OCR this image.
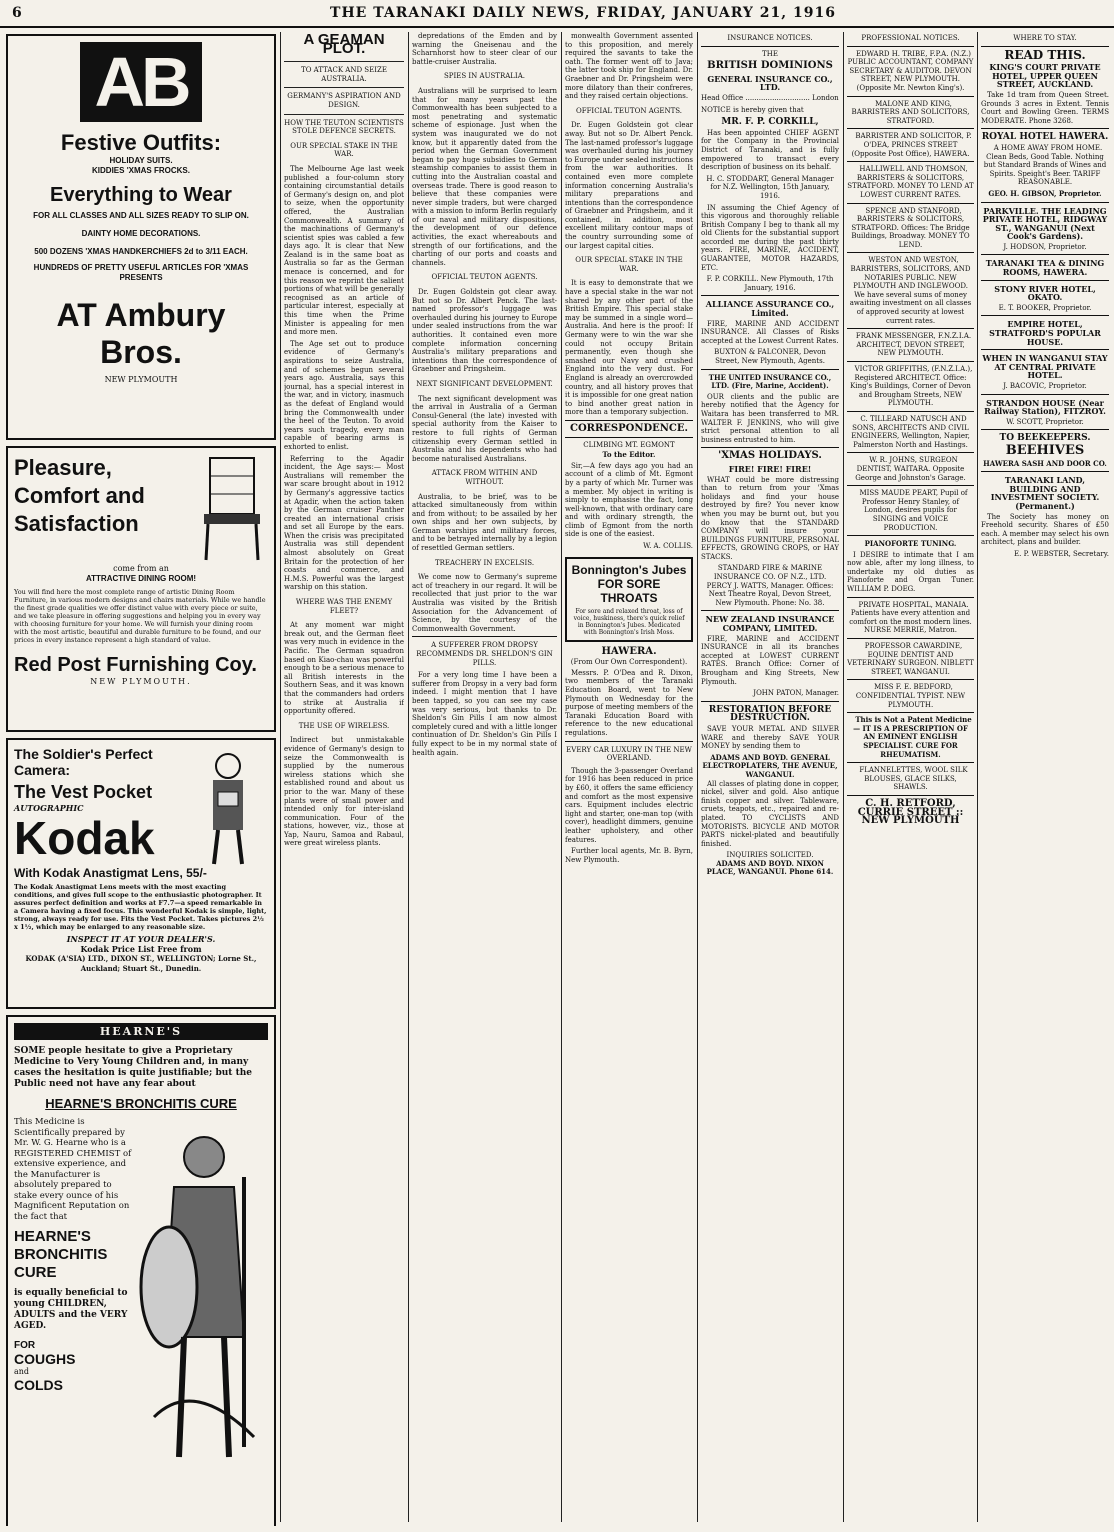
6	THE TARANAKI DAILY NEWS, FRIDAY, JANUARY 21, 1916
AB
Festive Outfits:
HOLIDAY SUITS.
KIDDIES 'XMAS FROCKS.
Everything to Wear
FOR ALL CLASSES AND ALL SIZES READY TO SLIP ON.
DAINTY HOME DECORATIONS.
500 DOZENS 'XMAS HANDKERCHIEFS 2d to 3/11 EACH.
HUNDREDS OF PRETTY USEFUL ARTICLES FOR 'XMAS PRESENTS
AT Ambury Bros.
NEW PLYMOUTH
Pleasure, Comfort and Satisfaction
come from an
ATTRACTIVE DINING ROOM!
You will find here the most complete range of artistic Dining Room Furniture, in various modern designs and chairs materials. While we handle the finest grade qualities we offer distinct value with every piece or suite, and we take pleasure in offering suggestions and helping you in every way with choosing furniture for your home. We will furnish your dining room with the most artistic, beautiful and durable furniture to be found, and our prices in every instance represent a high standard of value.
Red Post Furnishing Coy.
NEW PLYMOUTH.
The Soldier's Perfect Camera:
The Vest Pocket
AUTOGRAPHIC
Kodak
With Kodak Anastigmat Lens, 55/-
The Kodak Anastigmat Lens meets with the most exacting conditions, and gives full scope to the enthusiastic photographer. It assures perfect definition and works at F7.7—a speed remarkable in a Camera having a fixed focus. This wonderful Kodak is simple, light, strong, always ready for use. Fits the Vest Pocket. Takes pictures 2½ x 1½, which may be enlarged to any reasonable size.
INSPECT IT AT YOUR DEALER'S.
Kodak Price List Free from
KODAK (A'SIA) LTD., DIXON ST., WELLINGTON; Lorne St., Auckland; Stuart St., Dunedin.
HEARNE'S
SOME people hesitate to give a Proprietary Medicine to Very Young Children and, in many cases the hesitation is quite justifiable; but the Public need not have any fear about
HEARNE'S BRONCHITIS CURE
This Medicine is Scientifically prepared by Mr. W. G. Hearne who is a REGISTERED CHEMIST of extensive experience, and the Manufacturer is absolutely prepared to stake every ounce of his Magnificent Reputation on the fact that
HEARNE'S
BRONCHITIS
CURE
is equally beneficial to young CHILDREN, ADULTS and the VERY AGED.
FOR
COUGHS
and
COLDS
A GEAMAN PLOT.
TO ATTACK AND SEIZE AUSTRALIA.
GERMANY'S ASPIRATION AND DESIGN.
HOW THE TEUTON SCIENTISTS STOLE DEFENCE SECRETS.
OUR SPECIAL STAKE IN THE WAR.

The Melbourne Age last week published a four-column story containing circumstantial details of Germany's design on, and plot to seize, when the opportunity offered, the Australian Commonwealth. A summary of the machinations of Germany's scientist spies was cabled a few days ago. It is clear that New Zealand is in the same boat as Australia so far as the German menace is concerned, and for this reason we reprint the salient portions of what will be generally recognised as an article of particular interest, especially at this time when the Prime Minister is appealing for men and more men.

The Age set out to produce evidence of Germany's aspirations to seize Australia, and of schemes begun several years ago. Australia, says this journal, has a special interest in the war, and in victory, inasmuch as the defeat of England would bring the Commonwealth under the heel of the Teuton. To avoid years such tragedy, every man capable of bearing arms is exhorted to enlist.

Referring to the Agadir incident, the Age says:— Most Australians will remember the war scare brought about in 1912 by Germany's aggressive tactics at Agadir, when the action taken by the German cruiser Panther created an international crisis and set all Europe by the ears. When the crisis was precipitated Australia was still dependent almost absolutely on Great Britain for the protection of her coasts and commerce, and H.M.S. Powerful was the largest warship on this station.

WHERE WAS THE ENEMY FLEET?

At any moment war might break out, and the German fleet was very much in evidence in the Pacific. The German squadron based on Kiao-chau was powerful enough to be a serious menace to all British interests in the Southern Seas, and it was known that the commanders had orders to strike at Australia if opportunity offered.

THE USE OF WIRELESS.

Indirect but unmistakable evidence of Germany's design to seize the Commonwealth is supplied by the numerous wireless stations which she established round and about us prior to the war. Many of these plants were of small power and intended only for inter-island communication. Four of the stations, however, viz., those at Yap, Nauru, Samoa and Rabaul, were great wireless plants.

depredations of the Emden and by warning the Gneisenau and the Scharnhorst how to steer clear of our battle-cruiser Australia.

SPIES IN AUSTRALIA.

Australians will be surprised to learn that for many years past the Commonwealth has been subjected to a most penetrating and systematic scheme of espionage. Just when the system was inaugurated we do not know, but it apparently dated from the period when the German Government began to pay huge subsidies to German steamship companies to assist them in cutting into the Australian coastal and overseas trade. There is good reason to believe that these companies were never simple traders, but were charged with a mission to inform Berlin regularly of our naval and military dispositions, the development of our defence activities, the exact whereabouts and strength of our fortifications, and the charting of our ports and coasts and channels.

OFFICIAL TEUTON AGENTS.

Dr. Eugen Goldstein got clear away. But not so Dr. Albert Penck. The last-named professor's luggage was overhauled during his journey to Europe under sealed instructions from the war authorities. It contained even more complete information concerning Australia's military preparations and intentions than the correspondence of Graebner and Pringsheim.

NEXT SIGNIFICANT DEVELOPMENT.

The next significant development was the arrival in Australia of a German Consul-General (the late) invested with special authority from the Kaiser to restore to full rights of German citizenship every German settled in Australia and his dependents who had become naturalised Australians.

ATTACK FROM WITHIN AND WITHOUT.

Australia, to be brief, was to be attacked simultaneously from within and from without; to be assailed by her own ships and her own subjects, by German warships and military forces, and to be betrayed internally by a legion of resettled German settlers.

TREACHERY IN EXCELSIS.

We come now to Germany's supreme act of treachery in our regard. It will be recollected that just prior to the war Australia was visited by the British Association for the Advancement of Science, by the courtesy of the Commonwealth Government.

A SUFFERER FROM DROPSY RECOMMENDS DR. SHELDON'S GIN PILLS.

For a very long time I have been a sufferer from Dropsy in a very bad form indeed. I might mention that I have been tapped, so you can see my case was very serious, but thanks to Dr. Sheldon's Gin Pills I am now almost completely cured and with a little longer continuation of Dr. Sheldon's Gin Pills I fully expect to be in my normal state of health again.

monwealth Government assented to this proposition, and merely required the savants to take the oath. The former went off to Java; the latter took ship for England. Dr. Graebner and Dr. Pringsheim were more dilatory than their confreres, and they raised certain objections.

OFFICIAL TEUTON AGENTS.

Dr. Eugen Goldstein got clear away. But not so Dr. Albert Penck. The last-named professor's luggage was overhauled during his journey to Europe under sealed instructions from the war authorities. It contained even more complete information concerning Australia's military preparations and intentions than the correspondence of Graebner and Pringsheim, and it contained, in addition, most excellent military contour maps of the country surrounding some of our largest capital cities.

OUR SPECIAL STAKE IN THE WAR.

It is easy to demonstrate that we have a special stake in the war not shared by any other part of the British Empire. This special stake may be summed in a single word—Australia. And here is the proof: If Germany were to win the war she could not occupy Britain permanently, even though she smashed our Navy and crushed England into the very dust. For England is already an overcrowded country, and all history proves that it is impossible for one great nation to bind another great nation in more than a temporary subjection.

CORRESPONDENCE.
CLIMBING MT. EGMONT
To the Editor.

Sir,—A few days ago you had an account of a climb of Mt. Egmont by a party of which Mr. Turner was a member. My object in writing is simply to emphasise the fact, long well-known, that with ordinary care and with ordinary strength, the climb of Egmont from the north side is one of the easiest.

W. A. COLLIS.
Bonnington's Jubes FOR SORE THROATS
For sore and relaxed throat, loss of voice, huskiness, there's quick relief in Bonnington's Jubes. Medicated with Bonnington's Irish Moss.
HAWERA.
(From Our Own Correspondent).

Messrs. P. O'Dea and R. Dixon, two members of the Taranaki Education Board, went to New Plymouth on Wednesday for the purpose of meeting members of the Taranaki Education Board with reference to the new educational regulations.

EVERY CAR LUXURY IN THE NEW OVERLAND.

Though the 3-passenger Overland for 1916 has been reduced in price by £60, it offers the same efficiency and comfort as the most expensive cars. Equipment includes electric light and starter, one-man top (with cover), headlight dimmers, genuine leather upholstery, and other features.

Further local agents, Mr. B. Byrn, New Plymouth.

INSURANCE NOTICES.
THE
BRITISH DOMINIONS
GENERAL INSURANCE CO., LTD.
Head Office ............................. London
NOTICE is hereby given that
MR. F. P. CORKILL,

Has been appointed CHIEF AGENT for the Company in the Provincial District of Taranaki, and is fully empowered to transact every description of business on its behalf.

H. C. STODDART, General Manager for N.Z. Wellington, 15th January, 1916.

IN assuming the Chief Agency of this vigorous and thoroughly reliable British Company I beg to thank all my old Clients for the substantial support accorded me during the past thirty years. FIRE, MARINE, ACCIDENT, GUARANTEE, MOTOR HAZARDS, ETC.

F. P. CORKILL. New Plymouth, 17th January, 1916.
ALLIANCE ASSURANCE CO., Limited.

FIRE, MARINE AND ACCIDENT INSURANCE. All Classes of Risks accepted at the Lowest Current Rates.

BUXTON & FALCONER, Devon Street, New Plymouth, Agents.
THE UNITED INSURANCE CO., LTD. (Fire, Marine, Accident).

OUR clients and the public are hereby notified that the Agency for Waitara has been transferred to MR. WALTER F. JENKINS, who will give strict personal attention to all business entrusted to him.

'XMAS HOLIDAYS.
FIRE! FIRE! FIRE!

WHAT could be more distressing than to return from your 'Xmas holidays and find your house destroyed by fire? You never know when you may be burnt out, but you do know that the STANDARD COMPANY will insure your BUILDINGS FURNITURE, PERSONAL EFFECTS, GROWING CROPS, or HAY STACKS.

STANDARD FIRE & MARINE INSURANCE CO. OF N.Z., LTD. PERCY J. WATTS, Manager. Offices: Next Theatre Royal, Devon Street, New Plymouth. Phone: No. 38.
NEW ZEALAND INSURANCE COMPANY, LIMITED.

FIRE, MARINE and ACCIDENT INSURANCE in all its branches accepted at LOWEST CURRENT RATES. Branch Office: Corner of Brougham and King Streets, New Plymouth.

JOHN PATON, Manager.
RESTORATION BEFORE DESTRUCTION.

SAVE YOUR METAL AND SILVER WARE and thereby SAVE YOUR MONEY by sending them to

ADAMS AND BOYD. GENERAL ELECTROPLATERS, THE AVENUE, WANGANUI.

All classes of plating done in copper, nickel, silver and gold. Also antique finish copper and silver. Tableware, cruets, teapots, etc., repaired and re-plated. TO CYCLISTS AND MOTORISTS. BICYCLE AND MOTOR PARTS nickel-plated and beautifully finished.

INQUIRIES SOLICITED.
ADAMS AND BOYD. NIXON PLACE, WANGANUI. Phone 614.
PROFESSIONAL NOTICES.

EDWARD H. TRIBE, F.P.A. (N.Z.) PUBLIC ACCOUNTANT, COMPANY SECRETARY & AUDITOR. DEVON STREET, NEW PLYMOUTH. (Opposite Mr. Newton King's).

MALONE AND KING, BARRISTERS AND SOLICITORS, STRATFORD.

BARRISTER AND SOLICITOR, P. O'DEA, PRINCES STREET (Opposite Post Office), HAWERA.

HALLIWELL AND THOMSON, BARRISTERS & SOLICITORS, STRATFORD. MONEY TO LEND AT LOWEST CURRENT RATES.

SPENCE AND STANFORD, BARRISTERS & SOLICITORS, STRATFORD. Offices: The Bridge Buildings, Broadway. MONEY TO LEND.

WESTON AND WESTON, BARRISTERS, SOLICITORS, AND NOTARIES PUBLIC. NEW PLYMOUTH AND INGLEWOOD. We have several sums of money awaiting investment on all classes of approved security at lowest current rates.

FRANK MESSENGER, F.N.Z.I.A. ARCHITECT, DEVON STREET, NEW PLYMOUTH.

VICTOR GRIFFITHS, (F.N.Z.I.A.), Registered ARCHITECT. Office: King's Buildings, Corner of Devon and Brougham Streets, NEW PLYMOUTH.

C. TILLEARD NATUSCH AND SONS, ARCHITECTS AND CIVIL ENGINEERS, Wellington, Napier, Palmerston North and Hastings.

W. R. JOHNS, SURGEON DENTIST, WAITARA. Opposite George and Johnston's Garage.

MISS MAUDE PEART, Pupil of Professor Henry Stanley, of London, desires pupils for SINGING and VOICE PRODUCTION.

PIANOFORTE TUNING.

I DESIRE to intimate that I am now able, after my long illness, to undertake my old duties as Pianoforte and Organ Tuner. WILLIAM P. DOEG.

PRIVATE HOSPITAL, MANAIA. Patients have every attention and comfort on the most modern lines. NURSE MERRIE, Matron.

PROFESSOR CAWARDINE, EQUINE DENTIST AND VETERINARY SURGEON. NIBLETT STREET, WANGANUI.

MISS F. E. BEDFORD, CONFIDENTIAL TYPIST. NEW PLYMOUTH.

This is Not a Patent Medicine— IT IS A PRESCRIPTION OF AN EMINENT ENGLISH SPECIALIST. CURE FOR RHEUMATISM.

FLANNELETTES, WOOL SILK BLOUSES, GLACE SILKS, SHAWLS.

C. H. RETFORD, CURRIE STREET :: NEW PLYMOUTH
WHERE TO STAY.
READ THIS.
KING'S COURT PRIVATE HOTEL, UPPER QUEEN STREET, AUCKLAND.

Take 1d tram from Queen Street. Grounds 3 acres in Extent. Tennis Court and Bowling Green. TERMS MODERATE. Phone 3268.

ROYAL HOTEL HAWERA.

A HOME AWAY FROM HOME. Clean Beds, Good Table. Nothing but Standard Brands of Wines and Spirits. Speight's Beer. TARIFF REASONABLE.

GEO. H. GIBSON, Proprietor.
PARKVILLE. THE LEADING PRIVATE HOTEL, RIDGWAY ST., WANGANUI (Next Cook's Gardens).
J. HODSON, Proprietor.
TARANAKI TEA & DINING ROOMS, HAWERA.
STONY RIVER HOTEL, OKATO.
E. T. BOOKER, Proprietor.
EMPIRE HOTEL, STRATFORD'S POPULAR HOUSE.
WHEN IN WANGANUI STAY AT CENTRAL PRIVATE HOTEL.
J. BACOVIC, Proprietor.
STRANDON HOUSE (Near Railway Station), FITZROY.
W. SCOTT, Proprietor.
TO BEEKEEPERS.
BEEHIVES
HAWERA SASH AND DOOR CO.
TARANAKI LAND, BUILDING AND INVESTMENT SOCIETY. (Permanent.)

The Society has money on Freehold security. Shares of £50 each. A member may select his own architect, plans and builder.

E. P. WEBSTER, Secretary.
